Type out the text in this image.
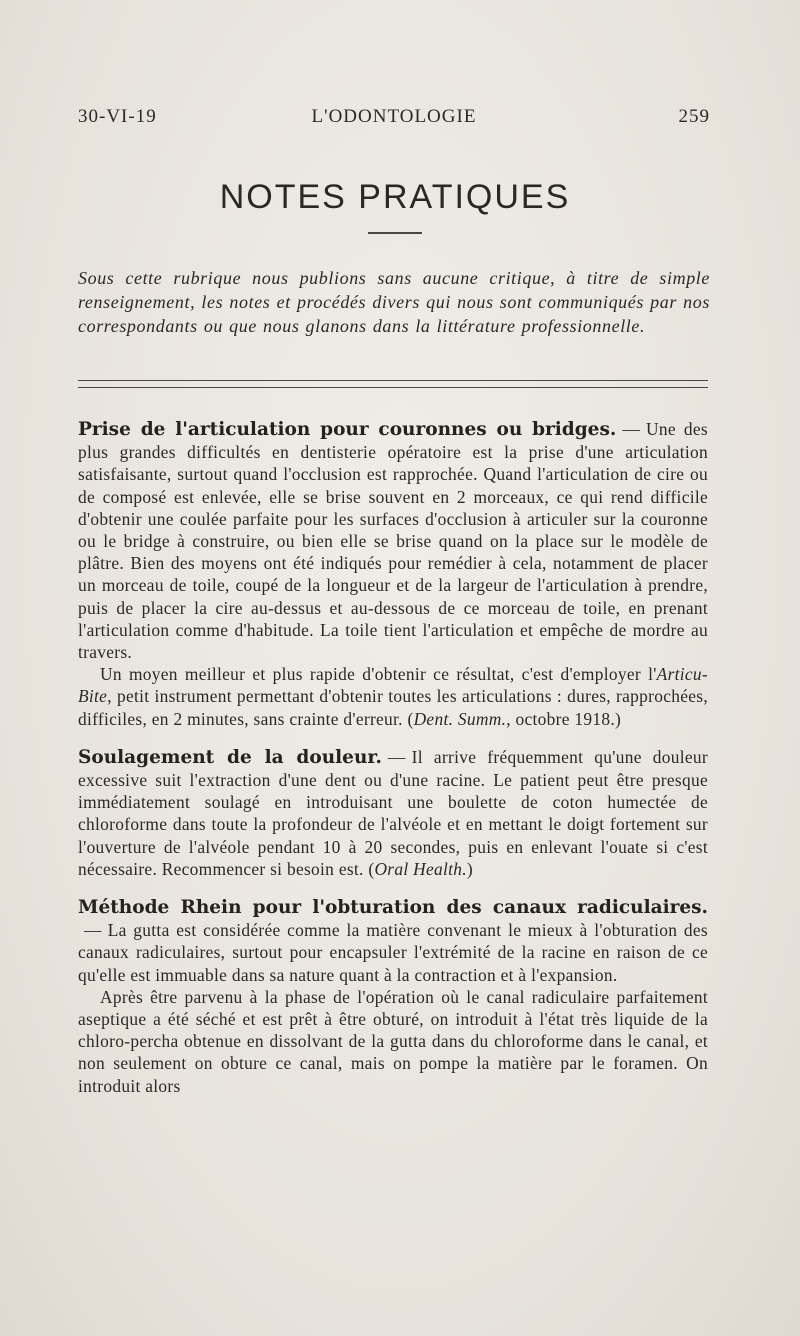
30-VI-19	L'ODONTOLOGIE	259
NOTES PRATIQUES
Sous cette rubrique nous publions sans aucune critique, à titre de simple renseignement, les notes et procédés divers qui nous sont communiqués par nos correspondants ou que nous glanons dans la littérature professionnelle.

Prise de l'articulation pour couronnes ou bridges. — Une des plus grandes difficultés en dentisterie opératoire est la prise d'une articulation satisfaisante, surtout quand l'occlusion est rapprochée. Quand l'articulation de cire ou de composé est enlevée, elle se brise souvent en 2 morceaux, ce qui rend difficile d'obtenir une coulée parfaite pour les surfaces d'occlusion à articuler sur la couronne ou le bridge à construire, ou bien elle se brise quand on la place sur le modèle de plâtre. Bien des moyens ont été indiqués pour remédier à cela, notamment de placer un morceau de toile, coupé de la longueur et de la largeur de l'articulation à prendre, puis de placer la cire au-dessus et au-dessous de ce morceau de toile, en prenant l'articulation comme d'habitude. La toile tient l'articulation et empêche de mordre au travers.

Un moyen meilleur et plus rapide d'obtenir ce résultat, c'est d'employer l'Articu-Bite, petit instrument permettant d'obtenir toutes les articulations : dures, rapprochées, difficiles, en 2 minutes, sans crainte d'erreur. (Dent. Summ., octobre 1918.)

Soulagement de la douleur. — Il arrive fréquemment qu'une douleur excessive suit l'extraction d'une dent ou d'une racine. Le patient peut être presque immédiatement soulagé en introduisant une boulette de coton humectée de chloroforme dans toute la profondeur de l'alvéole et en mettant le doigt fortement sur l'ouverture de l'alvéole pendant 10 à 20 secondes, puis en enlevant l'ouate si c'est nécessaire. Recommencer si besoin est. (Oral Health.)

Méthode Rhein pour l'obturation des canaux radiculaires.— La gutta est considérée comme la matière convenant le mieux à l'obturation des canaux radiculaires, surtout pour encapsuler l'extrémité de la racine en raison de ce qu'elle est immuable dans sa nature quant à la contraction et à l'expansion.

Après être parvenu à la phase de l'opération où le canal radiculaire parfaitement aseptique a été séché et est prêt à être obturé, on introduit à l'état très liquide de la chloro-percha obtenue en dissolvant de la gutta dans du chloroforme dans le canal, et non seulement on obture ce canal, mais on pompe la matière par le foramen. On introduit alors
